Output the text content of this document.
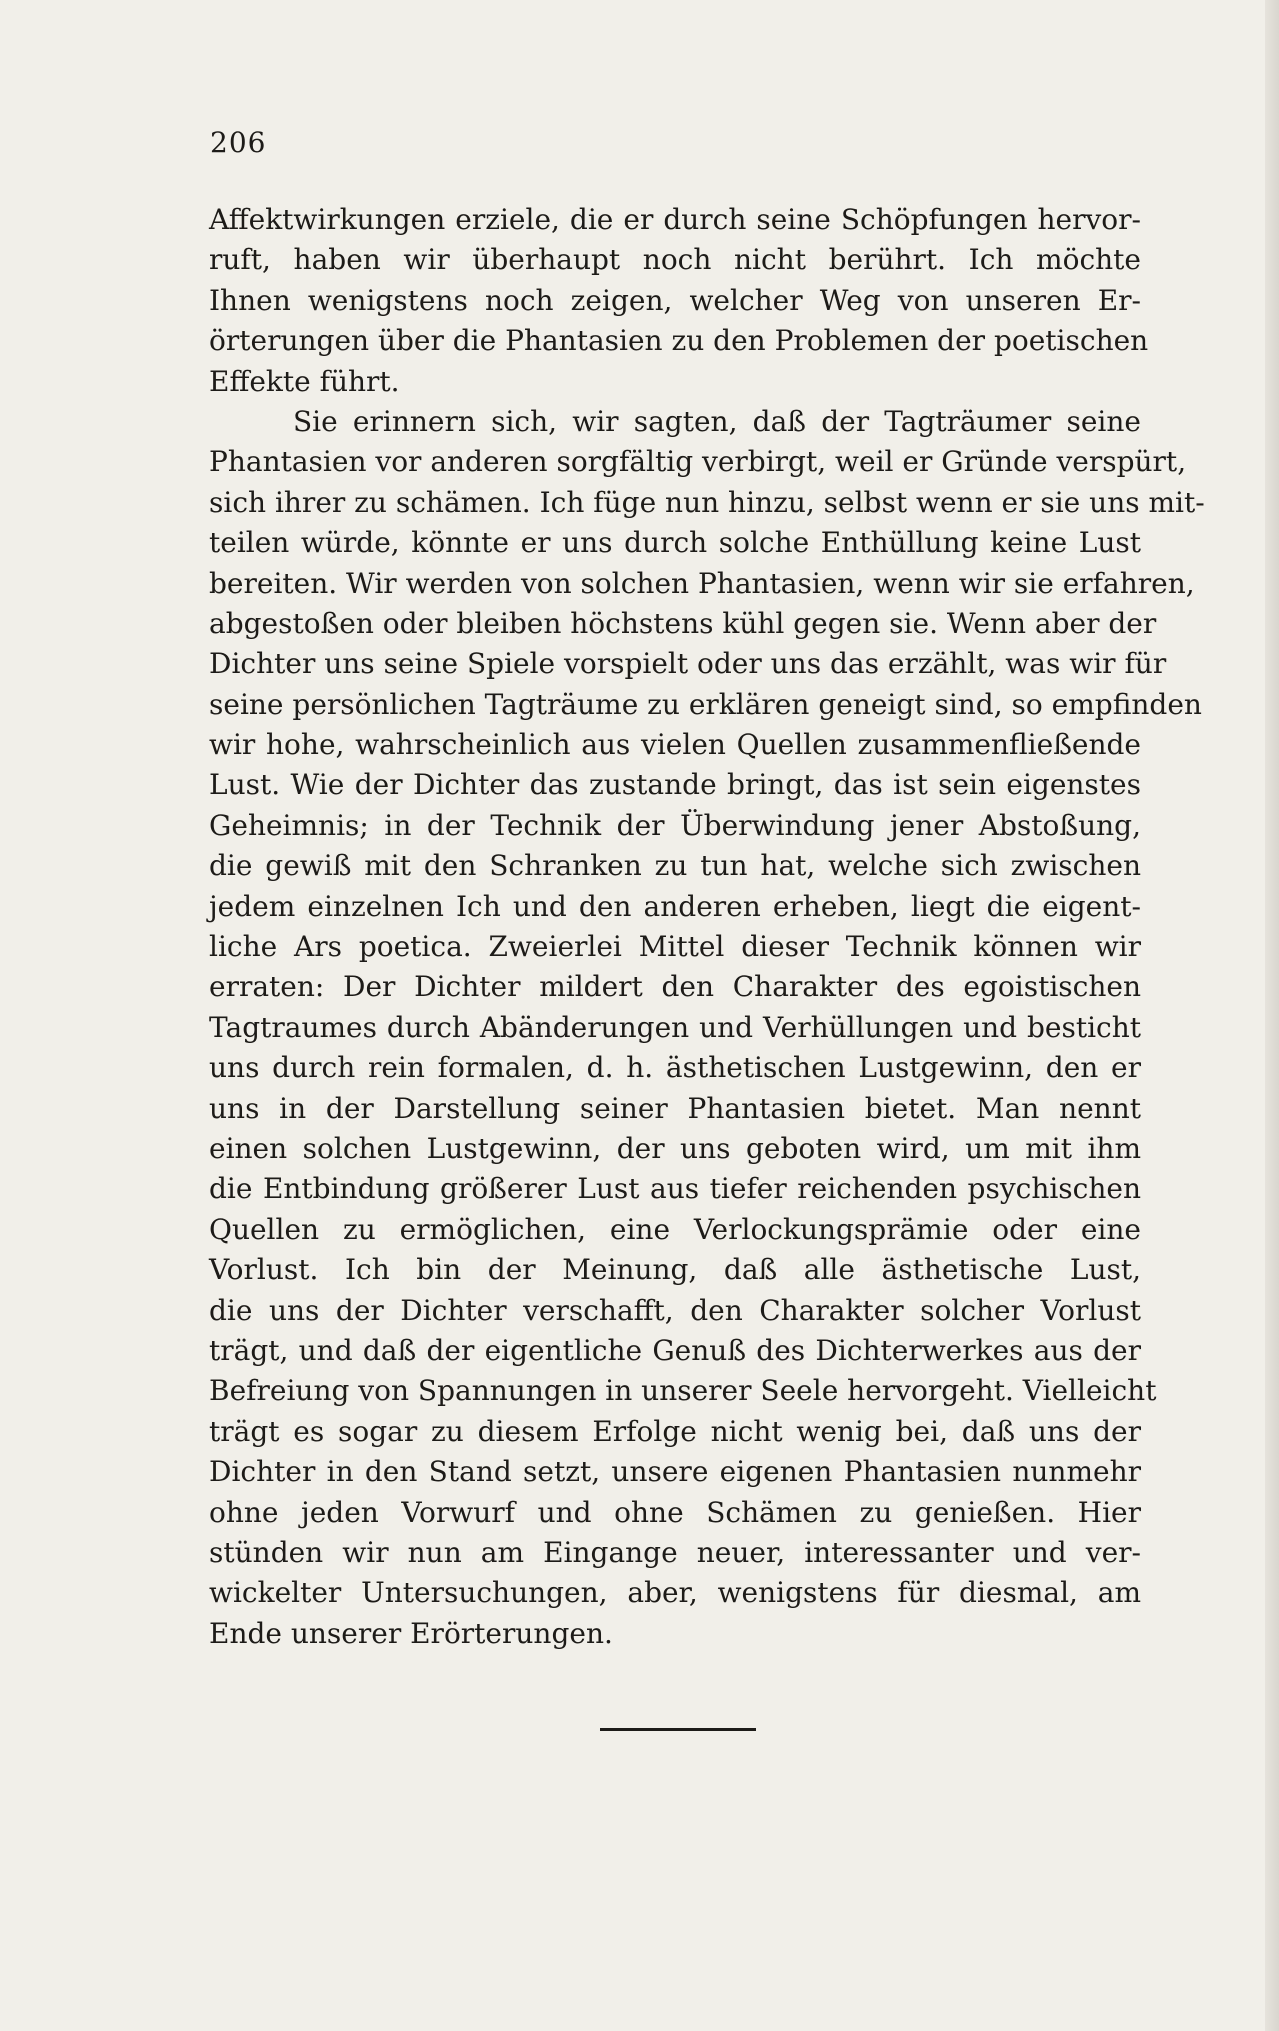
206
Affektwirkungen erziele, die er durch seine Schöpfungen hervor-
ruft, haben wir überhaupt noch nicht berührt. Ich möchte
Ihnen wenigstens noch zeigen, welcher Weg von unseren Er-
örterungen über die Phantasien zu den Problemen der poetischen
Effekte führt.
Sie erinnern sich, wir sagten, daß der Tagträumer seine
Phantasien vor anderen sorgfältig verbirgt, weil er Gründe verspürt,
sich ihrer zu schämen. Ich füge nun hinzu, selbst wenn er sie uns mit-
teilen würde, könnte er uns durch solche Enthüllung keine Lust
bereiten. Wir werden von solchen Phantasien, wenn wir sie erfahren,
abgestoßen oder bleiben höchstens kühl gegen sie. Wenn aber der
Dichter uns seine Spiele vorspielt oder uns das erzählt, was wir für
seine persönlichen Tagträume zu erklären geneigt sind, so empfinden
wir hohe, wahrscheinlich aus vielen Quellen zusammenfließende
Lust. Wie der Dichter das zustande bringt, das ist sein eigenstes
Geheimnis; in der Technik der Überwindung jener Abstoßung,
die gewiß mit den Schranken zu tun hat, welche sich zwischen
jedem einzelnen Ich und den anderen erheben, liegt die eigent-
liche Ars poetica. Zweierlei Mittel dieser Technik können wir
erraten: Der Dichter mildert den Charakter des egoistischen
Tagtraumes durch Abänderungen und Verhüllungen und besticht
uns durch rein formalen, d. h. ästhetischen Lustgewinn, den er
uns in der Darstellung seiner Phantasien bietet. Man nennt
einen solchen Lustgewinn, der uns geboten wird, um mit ihm
die Entbindung größerer Lust aus tiefer reichenden psychischen
Quellen zu ermöglichen, eine Verlockungsprämie oder eine
Vorlust. Ich bin der Meinung, daß alle ästhetische Lust,
die uns der Dichter verschafft, den Charakter solcher Vorlust
trägt, und daß der eigentliche Genuß des Dichterwerkes aus der
Befreiung von Spannungen in unserer Seele hervorgeht. Vielleicht
trägt es sogar zu diesem Erfolge nicht wenig bei, daß uns der
Dichter in den Stand setzt, unsere eigenen Phantasien nunmehr
ohne jeden Vorwurf und ohne Schämen zu genießen. Hier
stünden wir nun am Eingange neuer, interessanter und ver-
wickelter Untersuchungen, aber, wenigstens für diesmal, am
Ende unserer Erörterungen.
